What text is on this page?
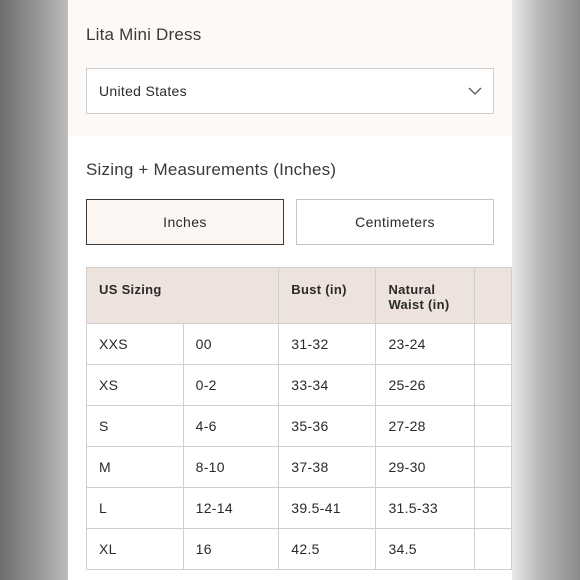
Lita Mini Dress
United States
Sizing + Measurements (Inches)
Inches	Centimeters
US Sizing		Bust (in)	Natural Waist (in)	
XXS	00	31-32	23-24	
XS	0-2	33-34	25-26	
S	4-6	35-36	27-28	
M	8-10	37-38	29-30	
L	12-14	39.5-41	31.5-33	
XL	16	42.5	34.5	
